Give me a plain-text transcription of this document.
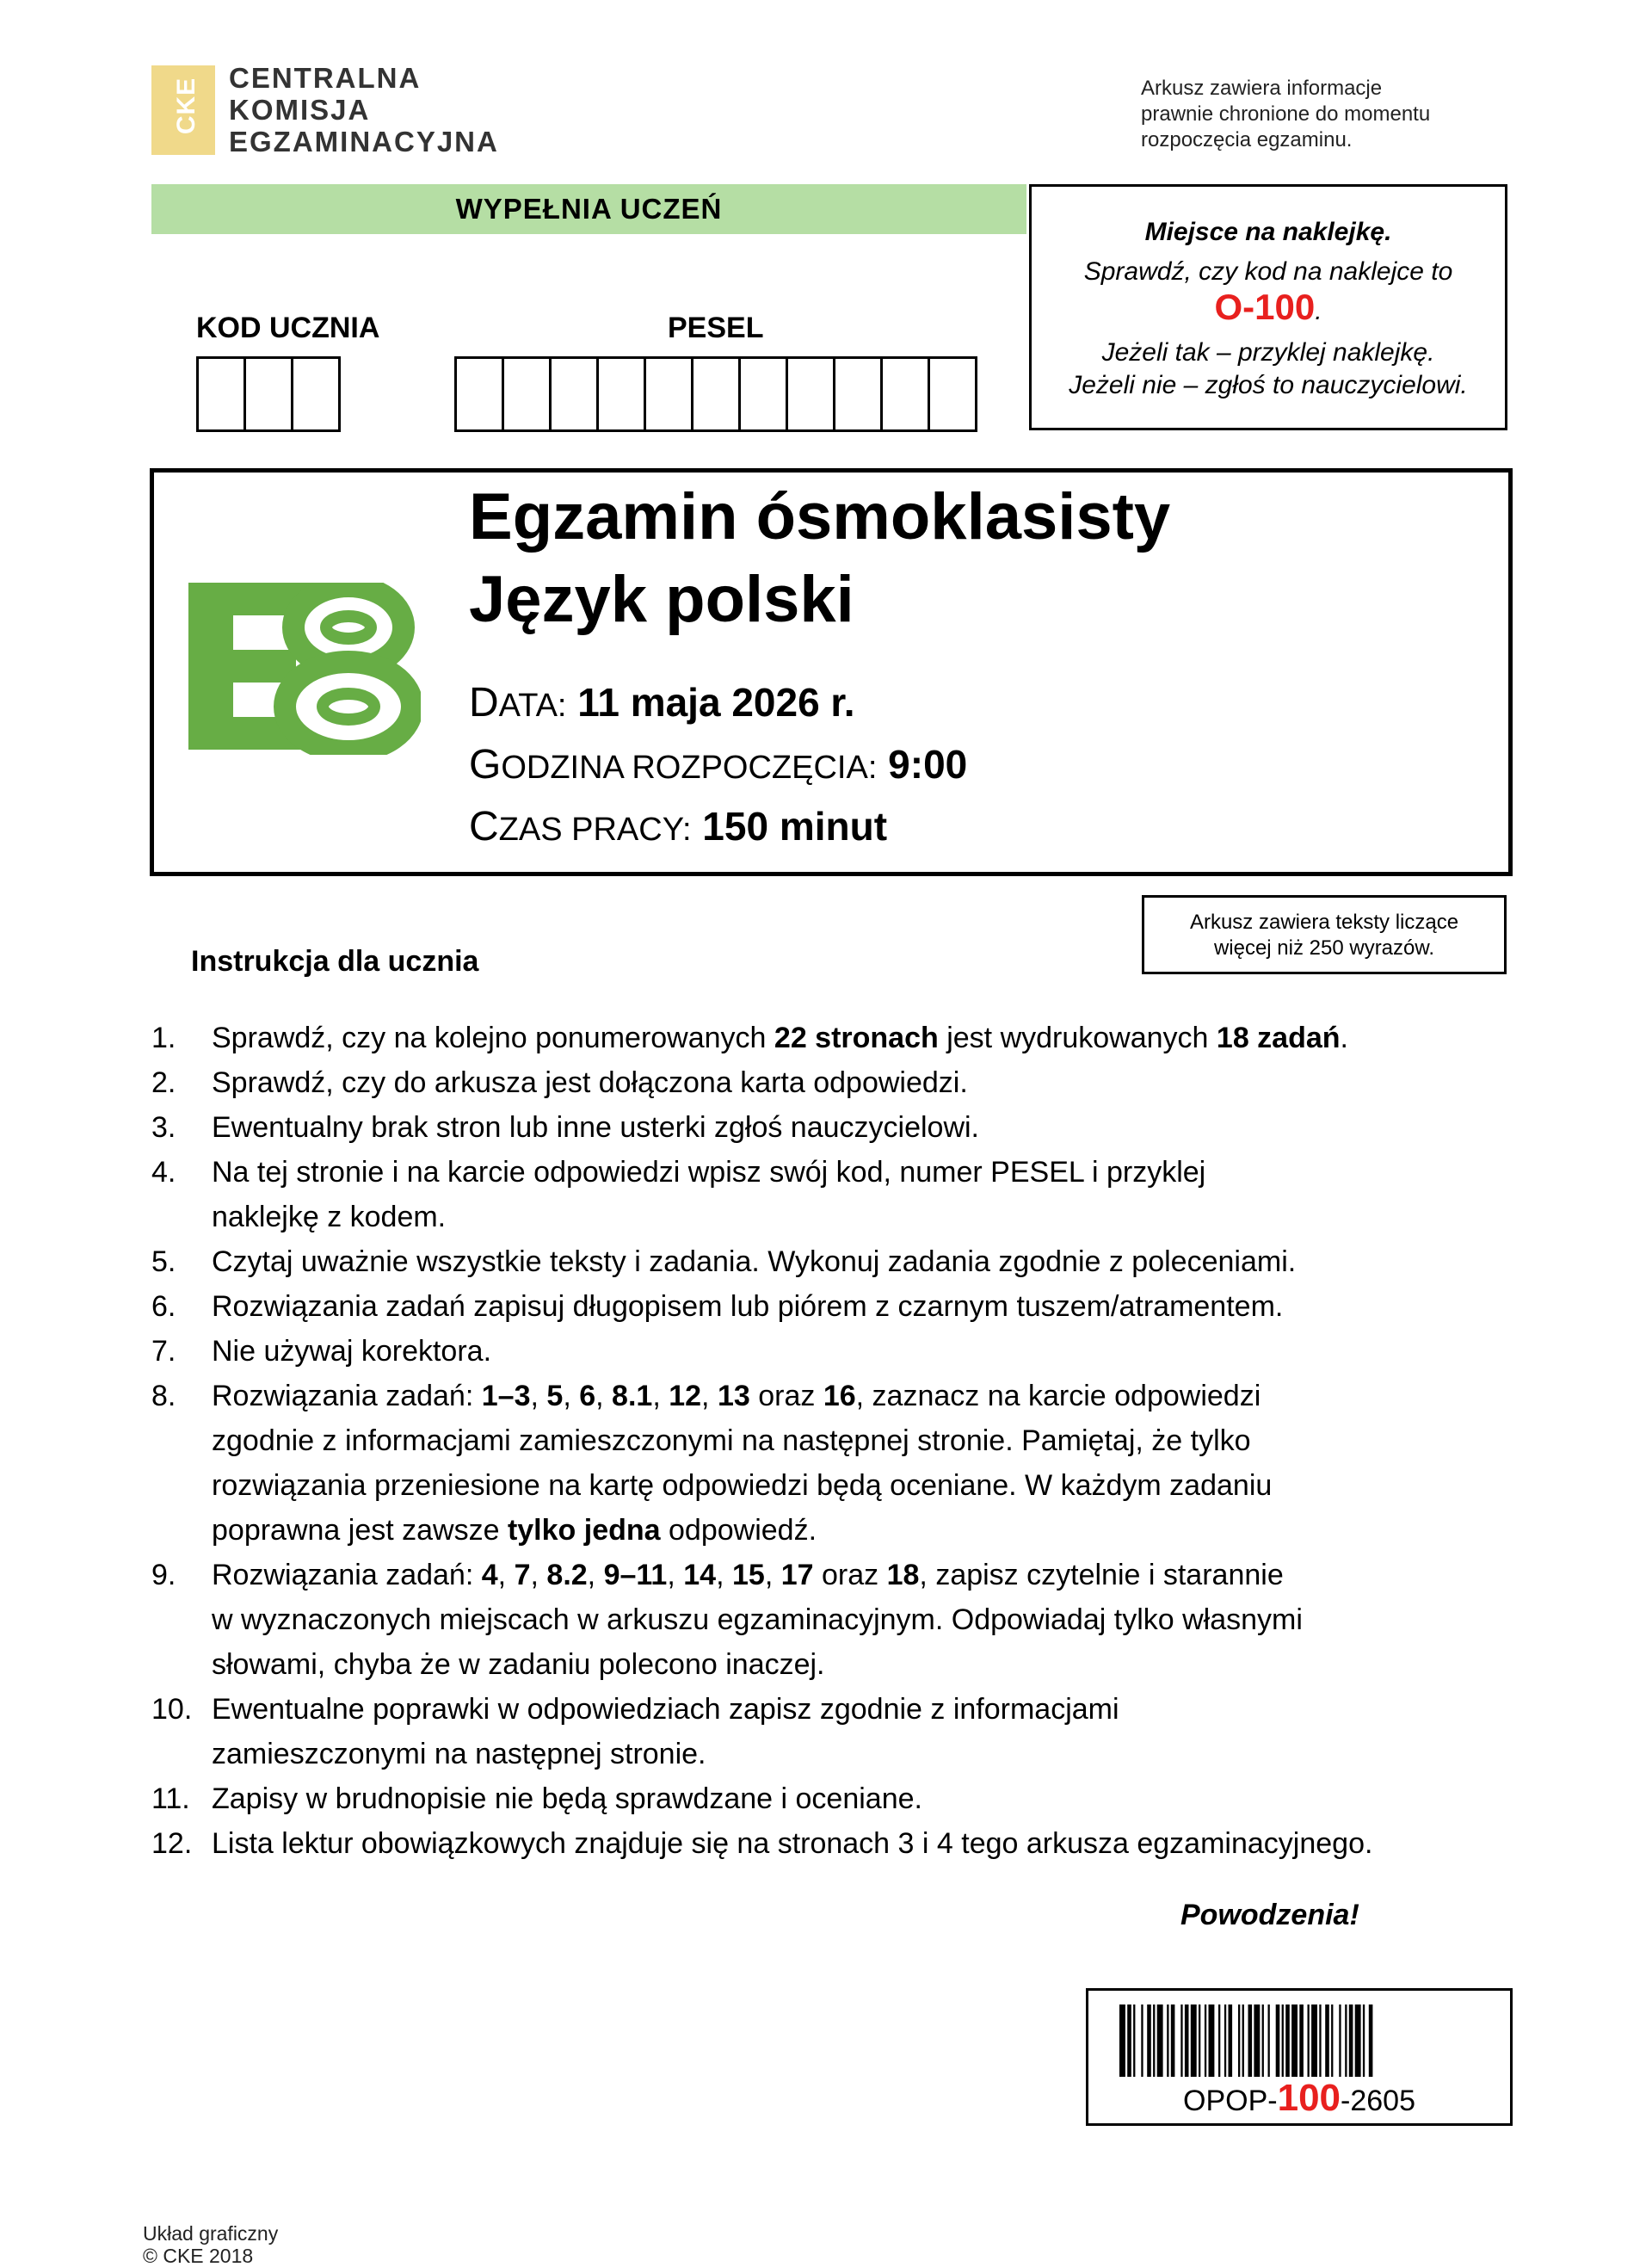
CKE CENTRALNA
KOMISJA
EGZAMINACYJNA
Arkusz zawiera informacje
prawnie chronione do momentu
rozpoczęcia egzaminu.
WYPEŁNIA UCZEŃ
KOD UCZNIA	PESEL
Miejsce na naklejkę.
Sprawdź, czy kod na naklejce to
O-100.
Jeżeli tak – przyklej naklejkę.
Jeżeli nie – zgłoś to nauczycielowi.
Egzamin ósmoklasisty
Język polski
DATA: 11 maja 2026 r.
GODZINA ROZPOCZĘCIA: 9:00
CZAS PRACY: 150 minut
Arkusz zawiera teksty liczące
więcej niż 250 wyrazów.
Instrukcja dla ucznia
1.	Sprawdź, czy na kolejno ponumerowanych 22 stronach jest wydrukowanych 18 zadań.
2.	Sprawdź, czy do arkusza jest dołączona karta odpowiedzi.
3.	Ewentualny brak stron lub inne usterki zgłoś nauczycielowi.
4.	Na tej stronie i na karcie odpowiedzi wpisz swój kod, numer PESEL i przyklej
naklejkę z kodem.
5.	Czytaj uważnie wszystkie teksty i zadania. Wykonuj zadania zgodnie z poleceniami.
6.	Rozwiązania zadań zapisuj długopisem lub piórem z czarnym tuszem/atramentem.
7.	Nie używaj korektora.
8.	Rozwiązania zadań: 1–3, 5, 6, 8.1, 12, 13 oraz 16, zaznacz na karcie odpowiedzi
zgodnie z informacjami zamieszczonymi na następnej stronie. Pamiętaj, że tylko
rozwiązania przeniesione na kartę odpowiedzi będą oceniane. W każdym zadaniu
poprawna jest zawsze tylko jedna odpowiedź.
9.	Rozwiązania zadań: 4, 7, 8.2, 9–11, 14, 15, 17 oraz 18, zapisz czytelnie i starannie
w wyznaczonych miejscach w arkuszu egzaminacyjnym. Odpowiadaj tylko własnymi
słowami, chyba że w zadaniu polecono inaczej.
10. Ewentualne poprawki w odpowiedziach zapisz zgodnie z informacjami
zamieszczonymi na następnej stronie.
11. Zapisy w brudnopisie nie będą sprawdzane i oceniane.
12. Lista lektur obowiązkowych znajduje się na stronach 3 i 4 tego arkusza egzaminacyjnego.
Powodzenia!
OPOP-100-2605
Układ graficzny
© CKE 2018
